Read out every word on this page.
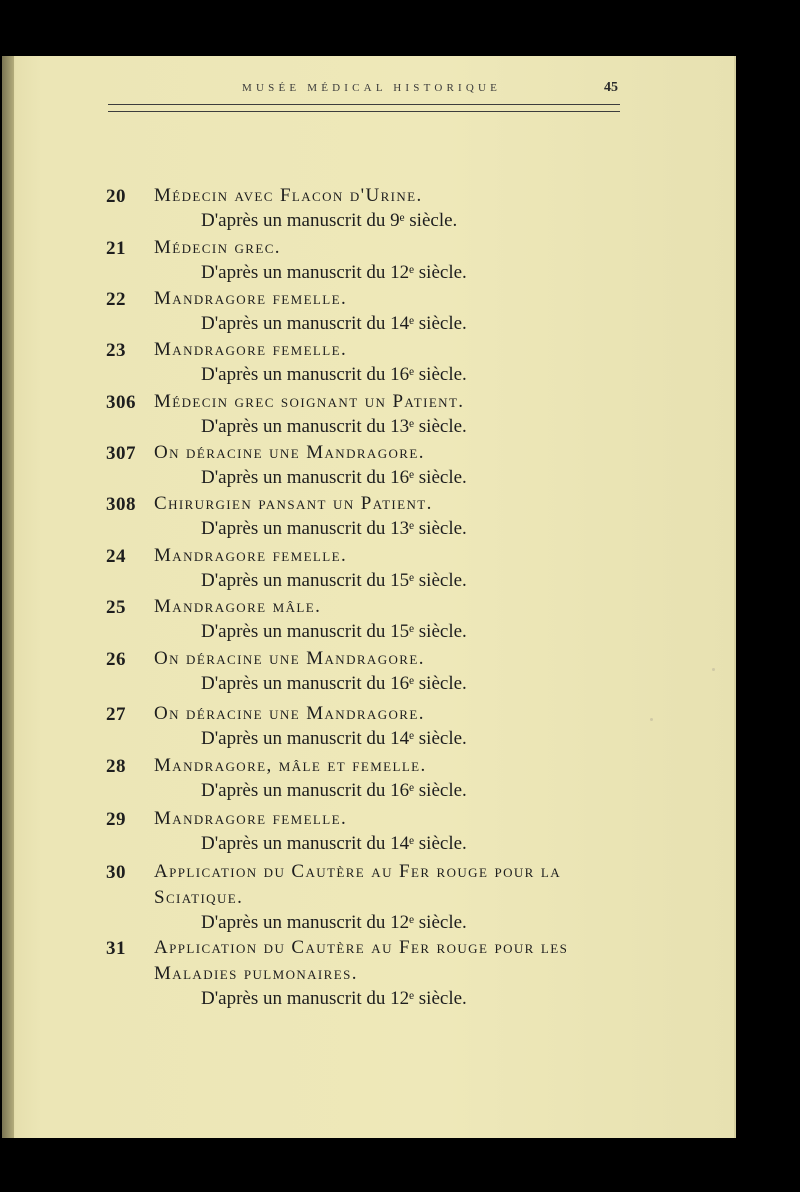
MUSÉE MÉDICAL HISTORIQUE	45
20 Médecin avec Flacon d'Urine.
D'après un manuscrit du 9ᵉ siècle.
21 Médecin grec.
D'après un manuscrit du 12ᵉ siècle.
22 Mandragore femelle.
D'après un manuscrit du 14ᵉ siècle.
23 Mandragore femelle.
D'après un manuscrit du 16ᵉ siècle.
306 Médecin grec soignant un Patient.
D'après un manuscrit du 13ᵉ siècle.
307 On déracine une Mandragore.
D'après un manuscrit du 16ᵉ siècle.
308 Chirurgien pansant un Patient.
D'après un manuscrit du 13ᵉ siècle.
24 Mandragore femelle.
D'après un manuscrit du 15ᵉ siècle.
25 Mandragore mâle.
D'après un manuscrit du 15ᵉ siècle.
26 On déracine une Mandragore.
D'après un manuscrit du 16ᵉ siècle.
27 On déracine une Mandragore.
D'après un manuscrit du 14ᵉ siècle.
28 Mandragore, mâle et femelle.
D'après un manuscrit du 16ᵉ siècle.
29 Mandragore femelle.
D'après un manuscrit du 14ᵉ siècle.
30 Application du Cautère au Fer rouge pour la Sciatique.
D'après un manuscrit du 12ᵉ siècle.
31 Application du Cautère au Fer rouge pour les Maladies pulmonaires.
D'après un manuscrit du 12ᵉ siècle.
